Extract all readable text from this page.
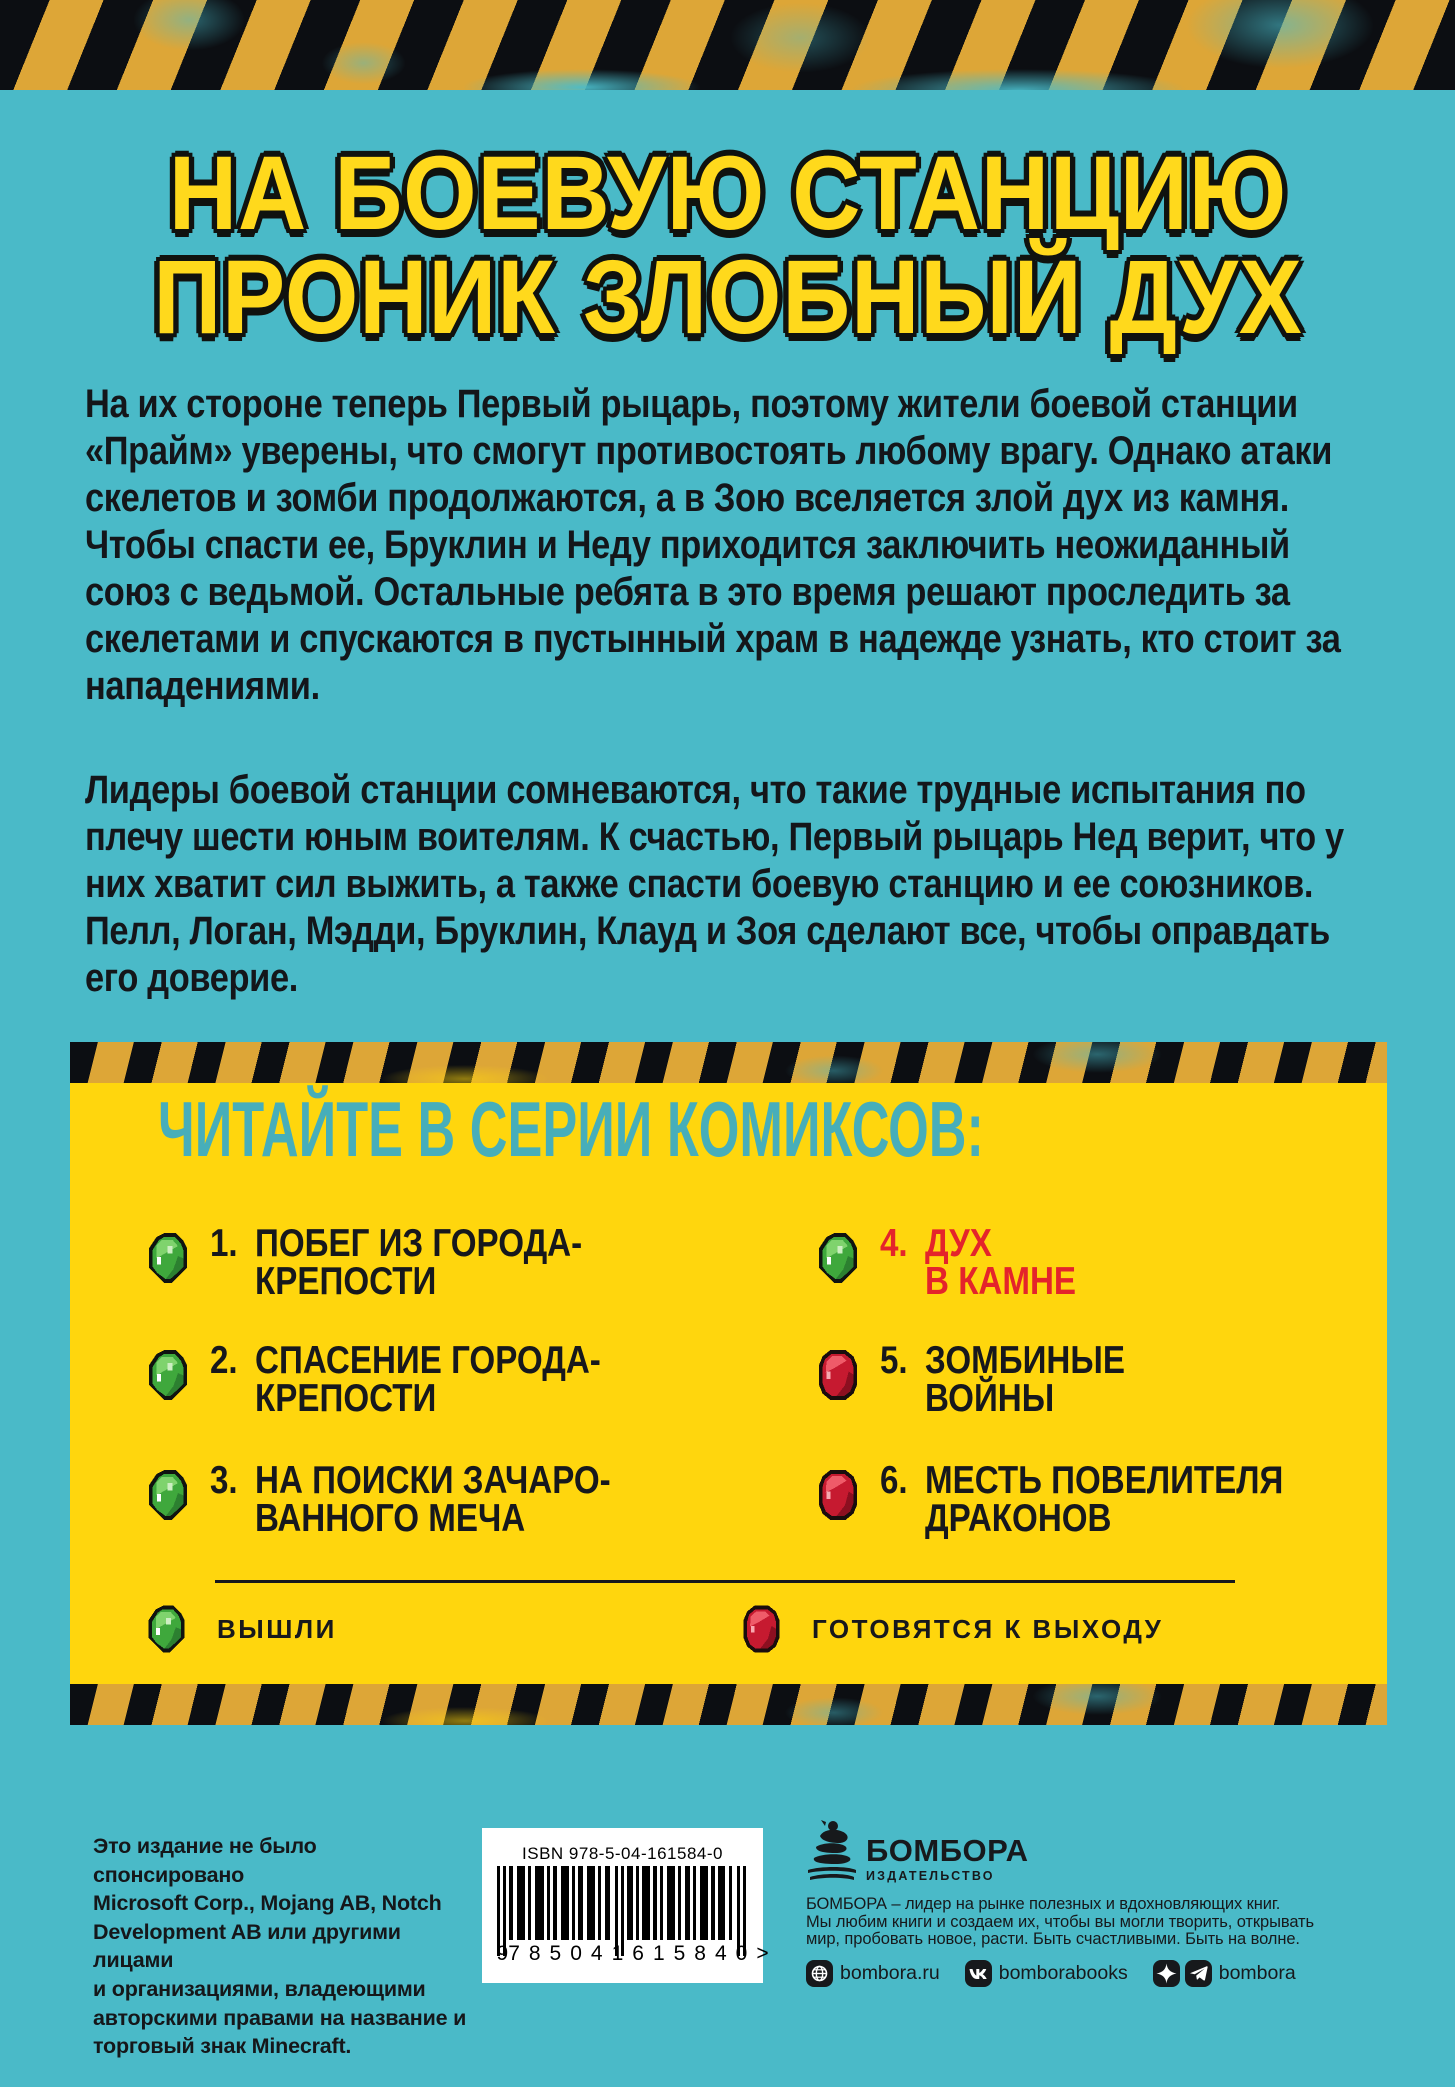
НА БОЕВУЮ СТАНЦИЮ
ПРОНИК ЗЛОБНЫЙ ДУХ
На их стороне теперь Первый рыцарь, поэтому жители боевой станции
«Прайм» уверены, что смогут противостоять любому врагу. Однако атаки
скелетов и зомби продолжаются, а в Зою вселяется злой дух из камня.
Чтобы спасти ее, Бруклин и Неду приходится заключить неожиданный
союз с ведьмой. Остальные ребята в это время решают проследить за
скелетами и спускаются в пустынный храм в надежде узнать, кто стоит за
нападениями.
Лидеры боевой станции сомневаются, что такие трудные испытания по
плечу шести юным воителям. К счастью, Первый рыцарь Нед верит, что у
них хватит сил выжить, а также спасти боевую станцию и ее союзников.
Пелл, Логан, Мэдди, Бруклин, Клауд и Зоя сделают все, чтобы оправдать
его доверие.
ЧИТАЙТЕ В СЕРИИ КОМИКСОВ:
1. ПОБЕГ ИЗ ГОРОДА-
КРЕПОСТИ
2. СПАСЕНИЕ ГОРОДА-
КРЕПОСТИ
3. НА ПОИСКИ ЗАЧАРО-
ВАННОГО МЕЧА
4. ДУХ
В КАМНЕ
5. ЗОМБИНЫЕ
ВОЙНЫ
6. МЕСТЬ ПОВЕЛИТЕЛЯ
ДРАКОНОВ
ВЫШЛИ	ГОТОВЯТСЯ К ВЫХОДУ
Это издание не было спонсировано
Microsoft Corp., Mojang AB, Notch
Development AB или другими лицами
и организациями, владеющими
авторскими правами на название и
торговый знак Minecraft.
ISBN 978-5-04-161584-0
9 785041 615840 >
БОМБОРА
ИЗДАТЕЛЬСТВО
БОМБОРА – лидер на рынке полезных и вдохновляющих книг.
Мы любим книги и создаем их, чтобы вы могли творить, открывать
мир, пробовать новое, расти. Быть счастливыми. Быть на волне.
bombora.ru	bomborabooks	bombora
